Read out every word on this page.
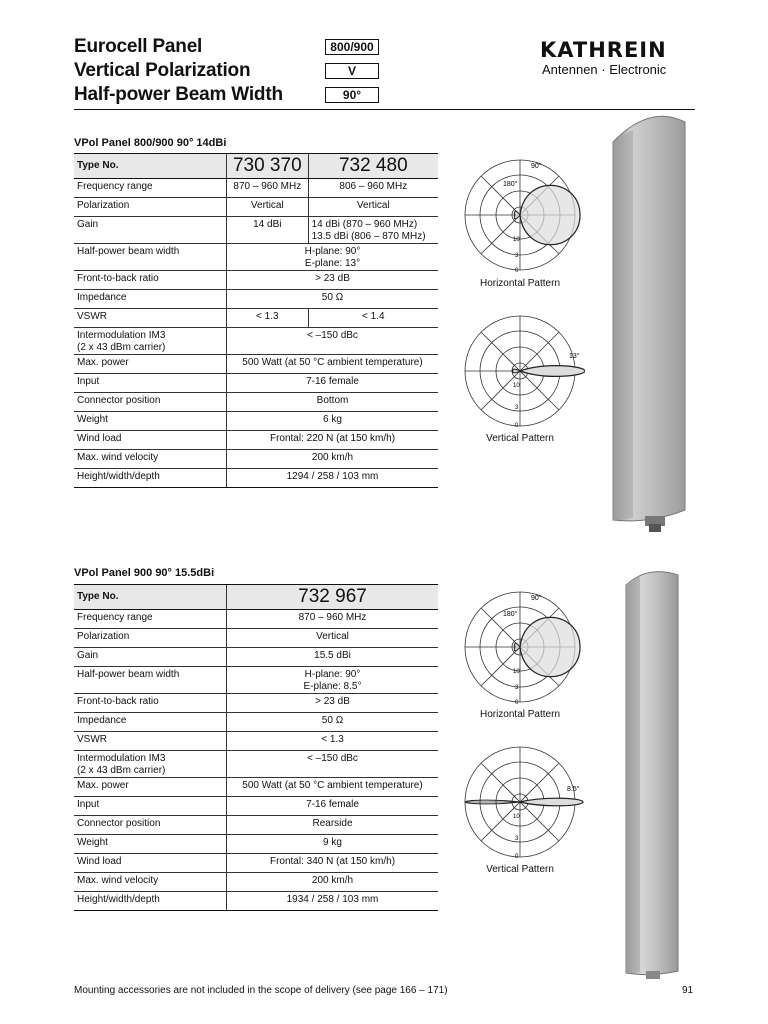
Eurocell Panel
Vertical Polarization
Half-power Beam Width
800/900
V
90°
KATHREIN
Antennen · Electronic
VPol Panel 800/900 90° 14dBi
Type No.	730 370	732 480
Frequency range	870 – 960 MHz	806 – 960 MHz
Polarization	Vertical	Vertical
Gain	14 dBi	14 dBi (870 – 960 MHz)
13.5 dBi (806 – 870 MHz)

Half-power beam width	H-plane: 90°
E-plane: 13°	

Front-to-back ratio	> 23 dB	
Impedance	50 Ω	
VSWR	< 1.3	< 1.4

Intermodulation IM3
(2 x 43 dBm carrier)	< –150 dBc	
Max. power	500 Watt (at 50 °C ambient temperature)	
Input	7-16 female	
Connector position	Bottom	
Weight	6 kg	
Wind load	Frontal: 220 N (at 150 km/h)	
Max. wind velocity	200 km/h	
Height/width/depth	1294 / 258 / 103 mm	
90°
180°
10
3
0
Horizontal Pattern
13°
10
3
0
Vertical Pattern
VPol Panel 900 90° 15.5dBi
Type No.	732 967
Frequency range	870 – 960 MHz
Polarization	Vertical
Gain	15.5 dBi
Half-power beam width	H-plane: 90°
E-plane: 8.5°

Front-to-back ratio	> 23 dB
Impedance	50 Ω
VSWR	< 1.3

Intermodulation IM3
(2 x 43 dBm carrier)	< –150 dBc
Max. power	500 Watt (at 50 °C ambient temperature)
Input	7-16 female
Connector position	Rearside
Weight	9 kg
Wind load	Frontal: 340 N (at 150 km/h)
Max. wind velocity	200 km/h
Height/width/depth	1934 / 258 / 103 mm
90°
180°
10
3
0
Horizontal Pattern
8.5°
10
3
0
Vertical Pattern
Mounting accessories are not included in the scope of delivery (see page 166 – 171)	91
